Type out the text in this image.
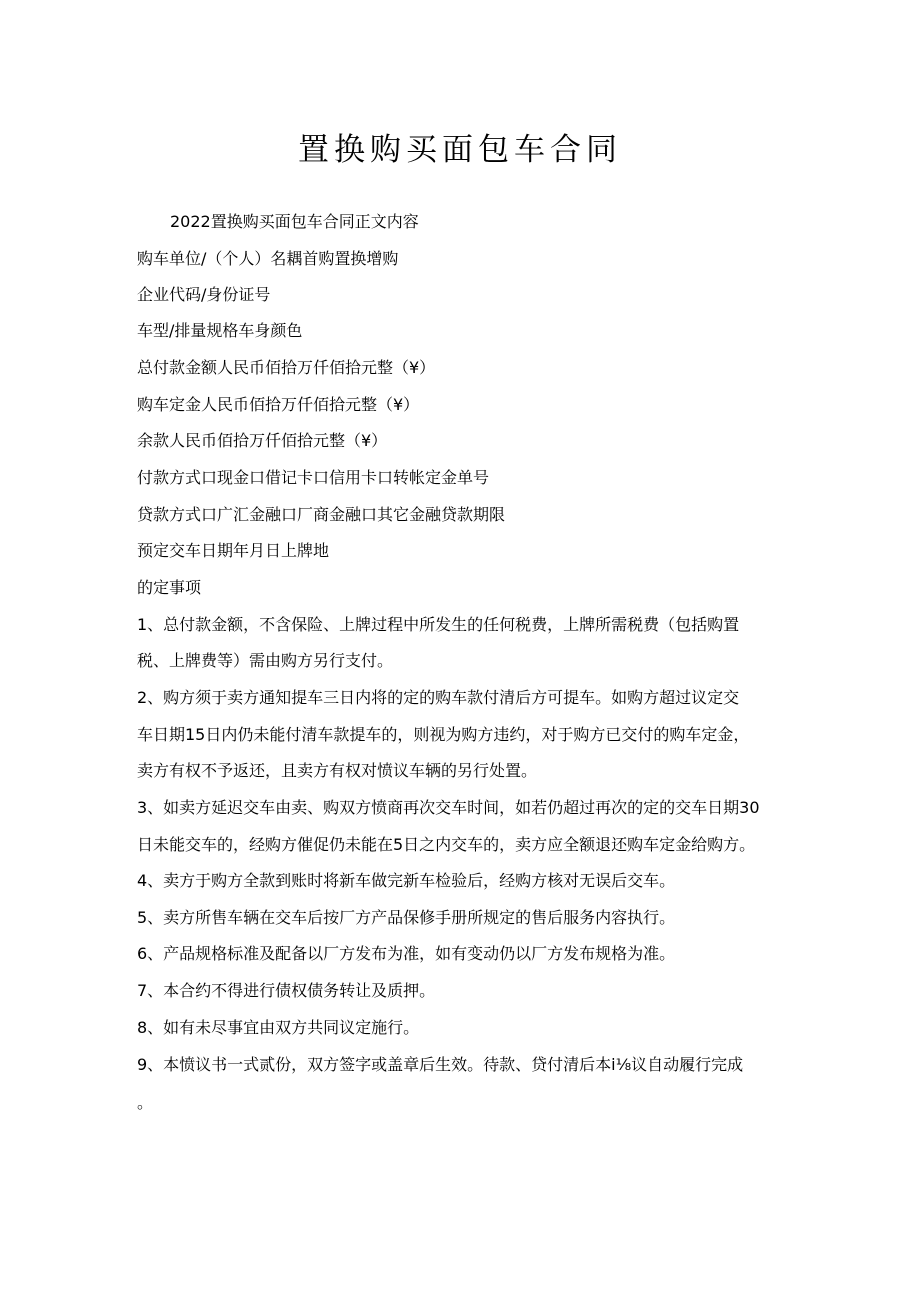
置换购买面包车合同
2022置换购买面包车合同正文内容
购车单位/（个人）名耦首购置换增购
企业代码/身份证号
车型/排量规格车身颜色
总付款金额人民币佰拾万仟佰拾元整（¥）
购车定金人民币佰拾万仟佰拾元整（¥）
余款人民币佰拾万仟佰拾元整（¥）
付款方式口现金口借记卡口信用卡口转帐定金单号
贷款方式口广汇金融口厂商金融口其它金融贷款期限
预定交车日期年月日上牌地
的定事项
1、总付款金额，不含保险、上牌过程中所发生的任何税费，上牌所需税费（包括购置
税、上牌费等）需由购方另行支付。
2、购方须于卖方通知提车三日内将的定的购车款付清后方可提车。如购方超过议定交
车日期15日内仍未能付清车款提车的，则视为购方违约，对于购方已交付的购车定金，
卖方有权不予返还，且卖方有权对愤议车辆的另行处置。
3、如卖方延迟交车由卖、购双方愤商再次交车时间，如若仍超过再次的定的交车日期30
日未能交车的，经购方催促仍未能在5日之内交车的，卖方应全额退还购车定金给购方。
4、卖方于购方全款到账时将新车做完新车检验后，经购方核对无误后交车。
5、卖方所售车辆在交车后按厂方产品保修手册所规定的售后服务内容执行。
6、产品规格标准及配备以厂方发布为准，如有变动仍以厂方发布规格为准。
7、本合约不得进行债权债务转让及质押。
8、如有未尽事宜由双方共同议定施行。
9、本愤议书一式贰份，双方签字或盖章后生效。待款、贷付清后本i⅛议自动履行完成
。
